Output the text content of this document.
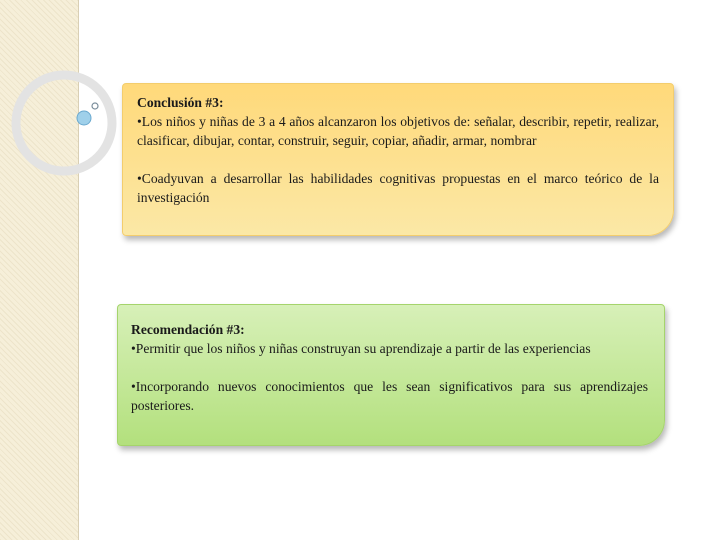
Conclusión #3:

•Los niños y niñas de 3 a 4 años alcanzaron los objetivos de: señalar, describir, repetir, realizar, clasificar, dibujar, contar, construir, seguir, copiar, añadir, armar, nombrar

•Coadyuvan a desarrollar las habilidades cognitivas propuestas en el marco teórico de la investigación

Recomendación #3:

•Permitir que los niños y niñas construyan su aprendizaje a partir de las experiencias

•Incorporando nuevos conocimientos que les sean significativos para sus aprendizajes posteriores.
